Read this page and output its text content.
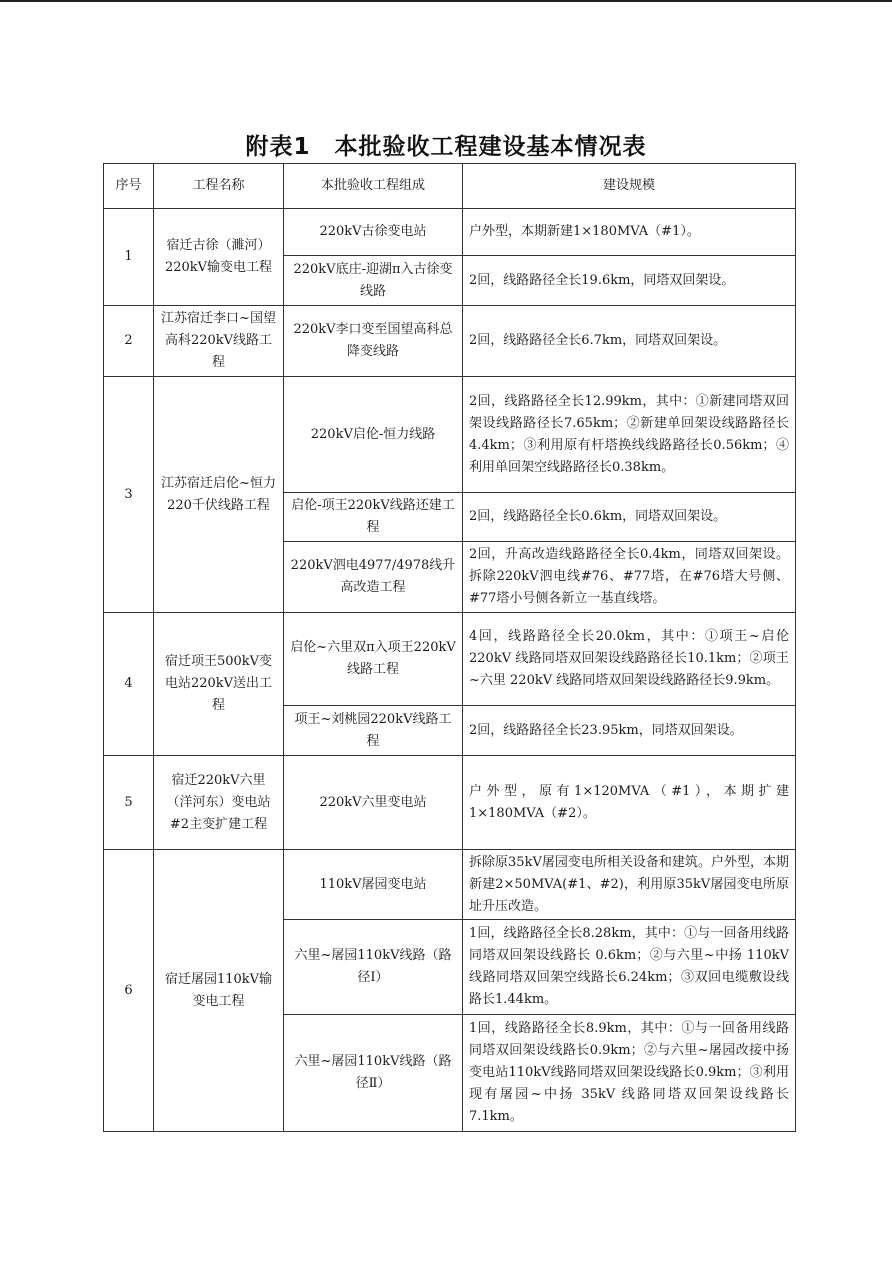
附表1　本批验收工程建设基本情况表
序号	工程名称	本批验收工程组成	建设规模
1	宿迁古徐（濉河）220kV输变电工程	220kV古徐变电站	户外型，本期新建1×180MVA（#1）。
		220kV底庄-迎湖π入古徐变线路	2回，线路路径全长19.6km，同塔双回架设。
2	江苏宿迁李口~国望高科220kV线路工程	220kV李口变至国望高科总降变线路	2回，线路路径全长6.7km，同塔双回架设。
3	江苏宿迁启伦~恒力220千伏线路工程	220kV启伦-恒力线路	2回，线路路径全长12.99km，其中：①新建同塔双回架设线路路径长7.65km；②新建单回架设线路路径长 4.4km；③利用原有杆塔换线线路路径长0.56km；④利用单回架空线路路径长0.38km。
		启伦-项王220kV线路还建工程	2回，线路路径全长0.6km，同塔双回架设。
		220kV泗电4977/4978线升高改造工程	2回，升高改造线路路径全长0.4km，同塔双回架设。拆除220kV泗电线#76、#77塔，在#76塔大号侧、#77塔小号侧各新立一基直线塔。
4	宿迁项王500kV变电站220kV送出工程	启伦~六里双π入项王220kV线路工程	4回，线路路径全长20.0km，其中：①项王~启伦 220kV 线路同塔双回架设线路路径长10.1km；②项王~六里 220kV 线路同塔双回架设线路路径长9.9km。
		项王~刘桃园220kV线路工程	2回，线路路径全长23.95km，同塔双回架设。
5	宿迁220kV六里（洋河东）变电站#2主变扩建工程	220kV六里变电站	户外型，原有1×120MVA（#1），本期扩建1×180MVA（#2）。
6	宿迁屠园110kV输变电工程	110kV屠园变电站	拆除原35kV屠园变电所相关设备和建筑。户外型，本期新建2×50MVA(#1、#2)，利用原35kV屠园变电所原址升压改造。
		六里~屠园110kV线路（路径Ⅰ）	1回，线路路径全长8.28km，其中：①与一回备用线路同塔双回架设线路长 0.6km；②与六里~中扬 110kV 线路同塔双回架空线路长6.24km；③双回电缆敷设线路长1.44km。
		六里~屠园110kV线路（路径Ⅱ）	1回，线路路径全长8.9km，其中：①与一回备用线路同塔双回架设线路长0.9km；②与六里~屠园改接中扬变电站110kV线路同塔双回架设线路长0.9km；③利用现有屠园~中扬 35kV 线路同塔双回架设线路长7.1km。
